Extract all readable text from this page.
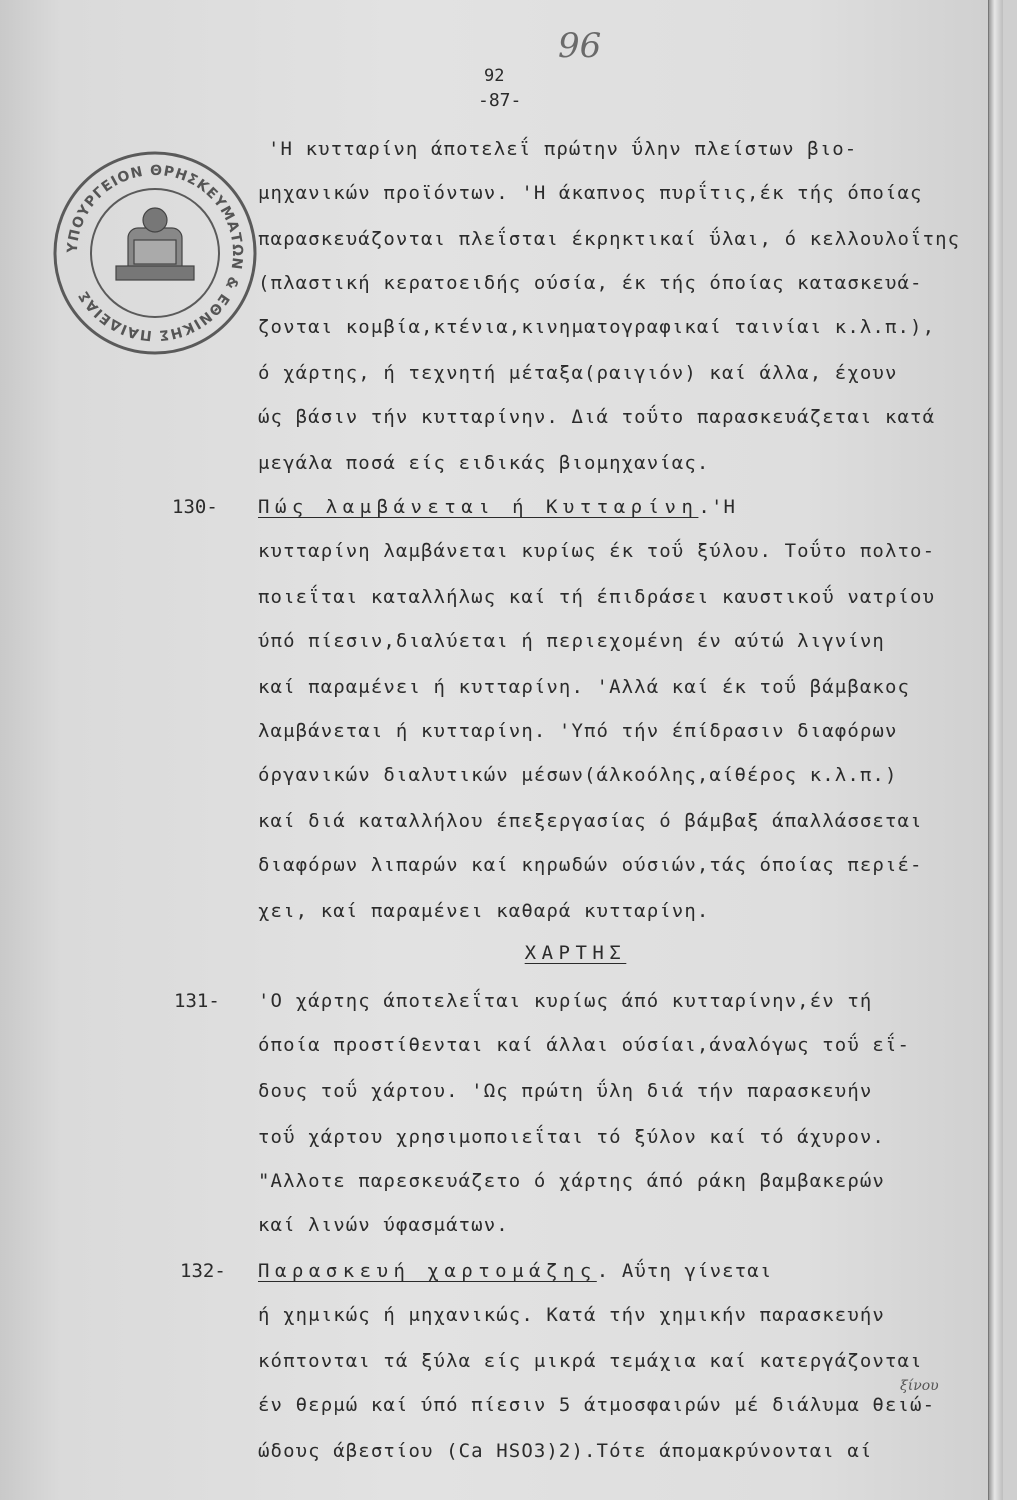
96
92
-87-
ΥΠΟΥΡΓΕΙΟΝ ΘΡΗΣΚΕΥΜΑΤΩΝ & ΕΘΝΙΚΗΣ ΠΑΙΔΕΙΑΣ
'Η κυτταρίνη άποτελεΐ πρώτην ΰλην πλείστων βιο-
μηχανικών προϊόντων. 'Η άκαπνος πυρΐτις,έκ τής όποίας
παρασκευάζονται πλεΐσται έκρηκτικαί ΰλαι, ό κελλουλοΐτης
(πλαστική κερατοειδής ούσία, έκ τής όποίας κατασκευά-
ζονται κομβία,κτένια,κινηματογραφικαί ταινίαι κ.λ.π.),
ό χάρτης, ή τεχνητή μέταξα(ραιγιόν) καί άλλα, έχουν
ώς βάσιν τήν κυτταρίνην. Διά τοΰτο παρασκευάζεται κατά
μεγάλα ποσά είς ειδικάς βιομηχανίας.
130- Πώς λαμβάνεται ή Κυτταρίνη.'Η
κυτταρίνη λαμβάνεται κυρίως έκ τοΰ ξύλου. Τοΰτο πολτο-
ποιεΐται καταλλήλως καί τή έπιδράσει καυστικοΰ νατρίου
ύπό πίεσιν,διαλύεται ή περιεχομένη έν αύτώ λιγνίνη
καί παραμένει ή κυτταρίνη. 'Αλλά καί έκ τοΰ βάμβακος
λαμβάνεται ή κυτταρίνη. 'Υπό τήν έπίδρασιν διαφόρων
όργανικών διαλυτικών μέσων(άλκοόλης,αίθέρος κ.λ.π.)
καί διά καταλλήλου έπεξεργασίας ό βάμβαξ άπαλλάσσεται
διαφόρων λιπαρών καί κηρωδών ούσιών,τάς όποίας περιέ-
χει, καί παραμένει καθαρά κυτταρίνη.
ΧΑΡΤΗΣ
131- 'Ο χάρτης άποτελεΐται κυρίως άπό κυτταρίνην,έν τή
όποία προστίθενται καί άλλαι ούσίαι,άναλόγως τοΰ εΐ-
δους τοΰ χάρτου. 'Ως πρώτη ΰλη διά τήν παρασκευήν
τοΰ χάρτου χρησιμοποιεΐται τό ξύλον καί τό άχυρον.
"Αλλοτε παρεσκευάζετο ό χάρτης άπό ράκη βαμβακερών
καί λινών ύφασμάτων.
132- Παρασκευή χαρτομάζης. Αΰτη γίνεται
ή χημικώς ή μηχανικώς. Κατά τήν χημικήν παρασκευήν
κόπτονται τά ξύλα είς μικρά τεμάχια καί κατεργάζονται
έν θερμώ καί ύπό πίεσιν 5 άτμοσφαιρών μέ διάλυμα θειώ-
ώδους άβεστίου (Ca HSO3)2).Τότε άπομακρύνονται αί
ξίνου
